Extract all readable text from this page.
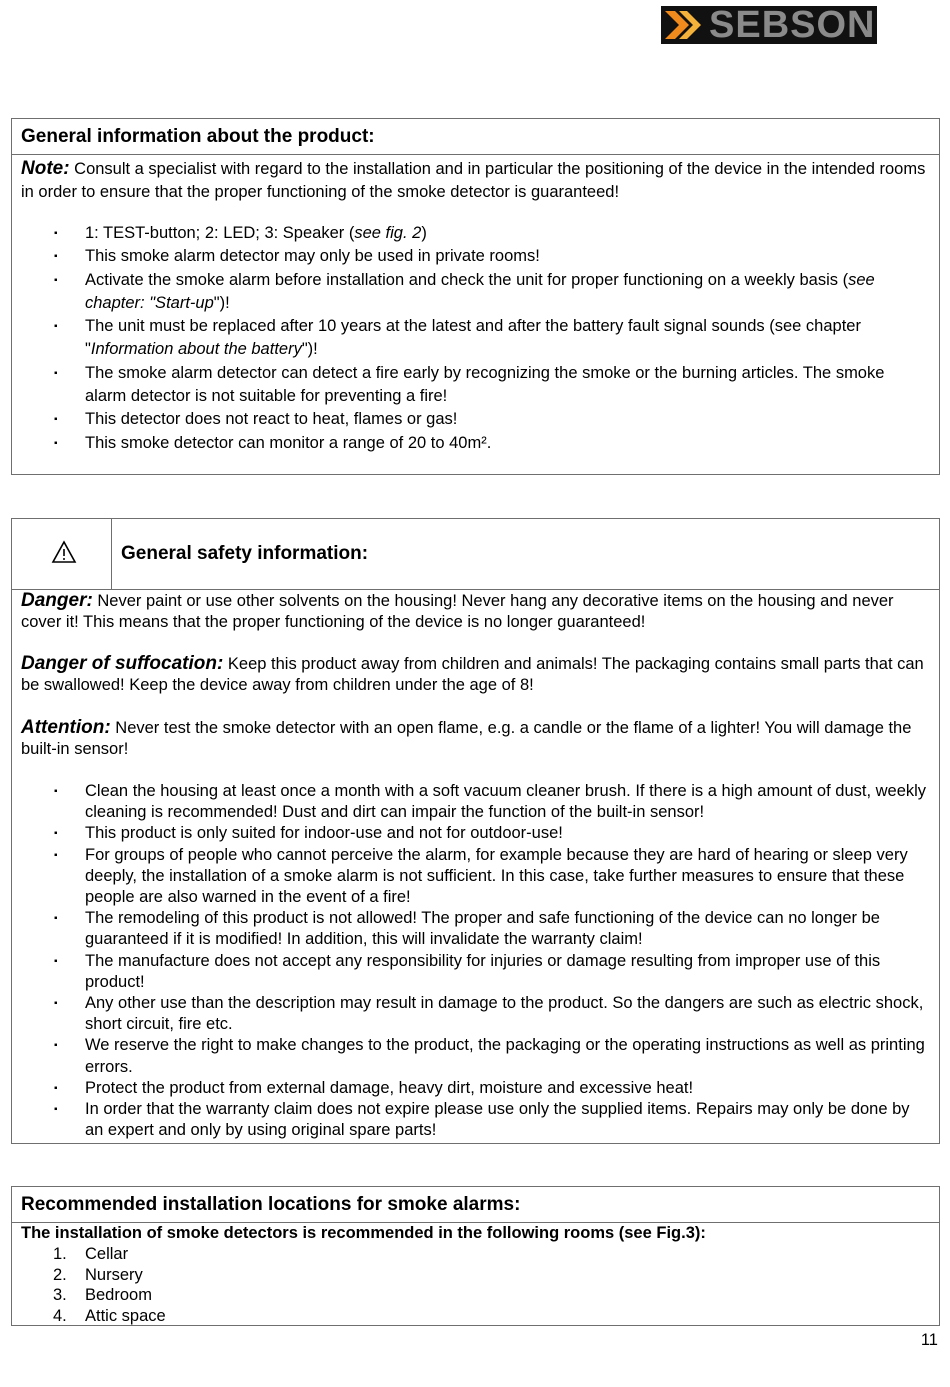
SEBSON
General information about the product:
Note: Consult a specialist with regard to the installation and in particular the positioning of the device in the intended rooms in order to ensure that the proper functioning of the smoke detector is guaranteed!
▪ 1: TEST-button; 2: LED; 3: Speaker (see fig. 2)
▪ This smoke alarm detector may only be used in private rooms!
▪ Activate the smoke alarm before installation and check the unit for proper functioning on a weekly basis (see chapter: "Start-up")!
▪ The unit must be replaced after 10 years at the latest and after the battery fault signal sounds (see chapter "Information about the battery")!
▪ The smoke alarm detector can detect a fire early by recognizing the smoke or the burning articles. The smoke alarm detector is not suitable for preventing a fire!
▪ This detector does not react to heat, flames or gas!
▪ This smoke detector can monitor a range of 20 to 40m².
General safety information:
Danger: Never paint or use other solvents on the housing! Never hang any decorative items on the housing and never cover it! This means that the proper functioning of the device is no longer guaranteed!
Danger of suffocation: Keep this product away from children and animals! The packaging contains small parts that can be swallowed! Keep the device away from children under the age of 8!
Attention: Never test the smoke detector with an open flame, e.g. a candle or the flame of a lighter! You will damage the built-in sensor!
▪ Clean the housing at least once a month with a soft vacuum cleaner brush. If there is a high amount of dust, weekly cleaning is recommended! Dust and dirt can impair the function of the built-in sensor!
▪ This product is only suited for indoor-use and not for outdoor-use!
▪ For groups of people who cannot perceive the alarm, for example because they are hard of hearing or sleep very deeply, the installation of a smoke alarm is not sufficient. In this case, take further measures to ensure that these people are also warned in the event of a fire!
▪ The remodeling of this product is not allowed! The proper and safe functioning of the device can no longer be guaranteed if it is modified! In addition, this will invalidate the warranty claim!
▪ The manufacture does not accept any responsibility for injuries or damage resulting from improper use of this product!
▪ Any other use than the description may result in damage to the product. So the dangers are such as electric shock, short circuit, fire etc.
▪ We reserve the right to make changes to the product, the packaging or the operating instructions as well as printing errors.
▪ Protect the product from external damage, heavy dirt, moisture and excessive heat!
▪ In order that the warranty claim does not expire please use only the supplied items. Repairs may only be done by an expert and only by using original spare parts!
Recommended installation locations for smoke alarms:
The installation of smoke detectors is recommended in the following rooms (see Fig.3):
1. Cellar
2. Nursery
3. Bedroom
4. Attic space
11
